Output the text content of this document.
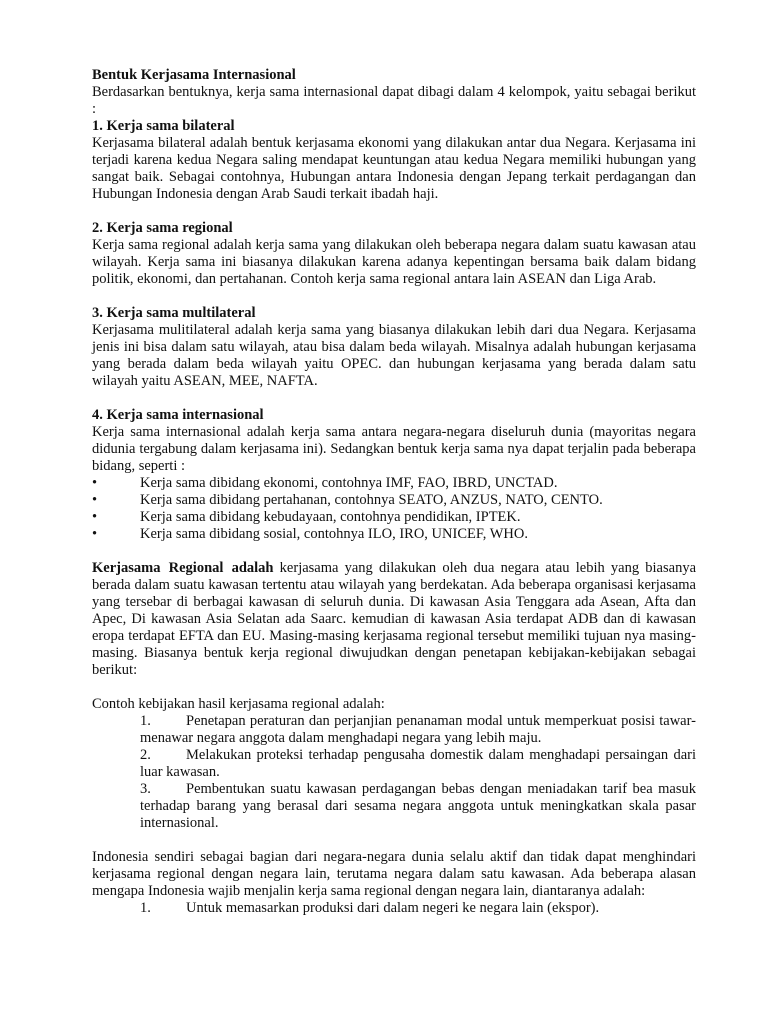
Bentuk Kerjasama Internasional

Berdasarkan bentuknya, kerja sama internasional dapat dibagi dalam 4 kelompok, yaitu sebagai berikut :

1. Kerja sama bilateral

Kerjasama bilateral adalah bentuk kerjasama ekonomi yang dilakukan antar dua Negara. Kerjasama ini terjadi karena kedua Negara saling mendapat keuntungan atau kedua Negara memiliki hubungan yang sangat baik. Sebagai contohnya, Hubungan antara Indonesia dengan Jepang terkait perdagangan dan Hubungan Indonesia dengan Arab Saudi terkait ibadah haji.

2. Kerja sama regional

Kerja sama regional adalah kerja sama yang dilakukan oleh beberapa negara dalam suatu kawasan atau wilayah. Kerja sama ini biasanya dilakukan karena adanya kepentingan bersama baik dalam bidang politik, ekonomi, dan pertahanan. Contoh kerja sama regional antara lain ASEAN dan Liga Arab.

3. Kerja sama multilateral

Kerjasama mulitilateral adalah kerja sama yang biasanya dilakukan lebih dari dua Negara. Kerjasama jenis ini bisa dalam satu wilayah, atau bisa dalam beda wilayah. Misalnya adalah hubungan kerjasama yang berada dalam beda wilayah yaitu OPEC. dan hubungan kerjasama yang berada dalam satu wilayah yaitu ASEAN, MEE, NAFTA.

4. Kerja sama internasional

Kerja sama internasional adalah kerja sama antara negara-negara diseluruh dunia (mayoritas negara didunia tergabung dalam kerjasama ini). Sedangkan bentuk kerja sama nya dapat terjalin pada beberapa bidang, seperti :

•	Kerja sama dibidang ekonomi, contohnya IMF, FAO, IBRD, UNCTAD.
•	Kerja sama dibidang pertahanan, contohnya SEATO, ANZUS, NATO, CENTO.
•	Kerja sama dibidang kebudayaan, contohnya pendidikan, IPTEK.
•	Kerja sama dibidang sosial, contohnya ILO, IRO, UNICEF, WHO.

Kerjasama Regional adalah kerjasama yang dilakukan oleh dua negara atau lebih yang biasanya berada dalam suatu kawasan tertentu atau wilayah yang berdekatan. Ada beberapa organisasi kerjasama yang tersebar di berbagai kawasan di seluruh dunia. Di kawasan Asia Tenggara ada Asean, Afta dan Apec, Di kawasan Asia Selatan ada Saarc. kemudian di kawasan Asia terdapat ADB dan di kawasan eropa terdapat EFTA dan EU. Masing-masing kerjasama regional tersebut memiliki tujuan nya masing-masing. Biasanya bentuk kerja regional diwujudkan dengan penetapan kebijakan-kebijakan sebagai berikut:

Contoh kebijakan hasil kerjasama regional adalah:

1. Penetapan peraturan dan perjanjian penanaman modal untuk memperkuat posisi tawar-menawar negara anggota dalam menghadapi negara yang lebih maju.
2. Melakukan proteksi terhadap pengusaha domestik dalam menghadapi persaingan dari luar kawasan.
3. Pembentukan suatu kawasan perdagangan bebas dengan meniadakan tarif bea masuk terhadap barang yang berasal dari sesama negara anggota untuk meningkatkan skala pasar internasional.

Indonesia sendiri sebagai bagian dari negara-negara dunia selalu aktif dan tidak dapat menghindari kerjasama regional dengan negara lain, terutama negara dalam satu kawasan. Ada beberapa alasan mengapa Indonesia wajib menjalin kerja sama regional dengan negara lain, diantaranya adalah:

1. Untuk memasarkan produksi dari dalam negeri ke negara lain (ekspor).
